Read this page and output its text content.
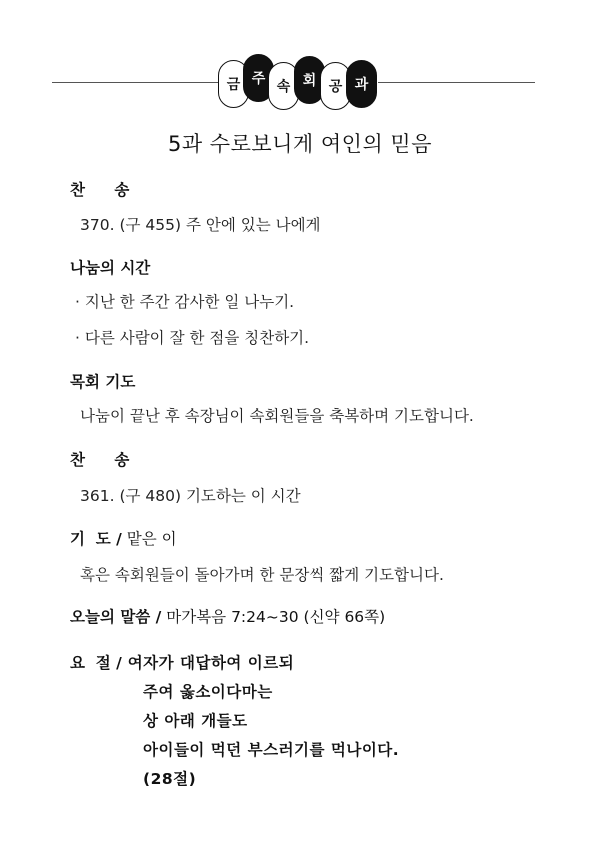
금 주 속 회 공 과
5과 수로보니게 여인의 믿음
찬 송
370. (구 455) 주 안에 있는 나에게
나눔의 시간
· 지난 한 주간 감사한 일 나누기.
· 다른 사람이 잘 한 점을 칭찬하기.
목회 기도
나눔이 끝난 후 속장님이 속회원들을 축복하며 기도합니다.
찬 송
361. (구 480) 기도하는 이 시간
기  도 / 맡은 이
혹은 속회원들이 돌아가며 한 문장씩 짧게 기도합니다.
오늘의 말씀 / 마가복음 7:24~30 (신약 66쪽)
요  절 / 여자가 대답하여 이르되
주여 옳소이다마는
상 아래 개들도
아이들이 먹던 부스러기를 먹나이다.
(28절)
